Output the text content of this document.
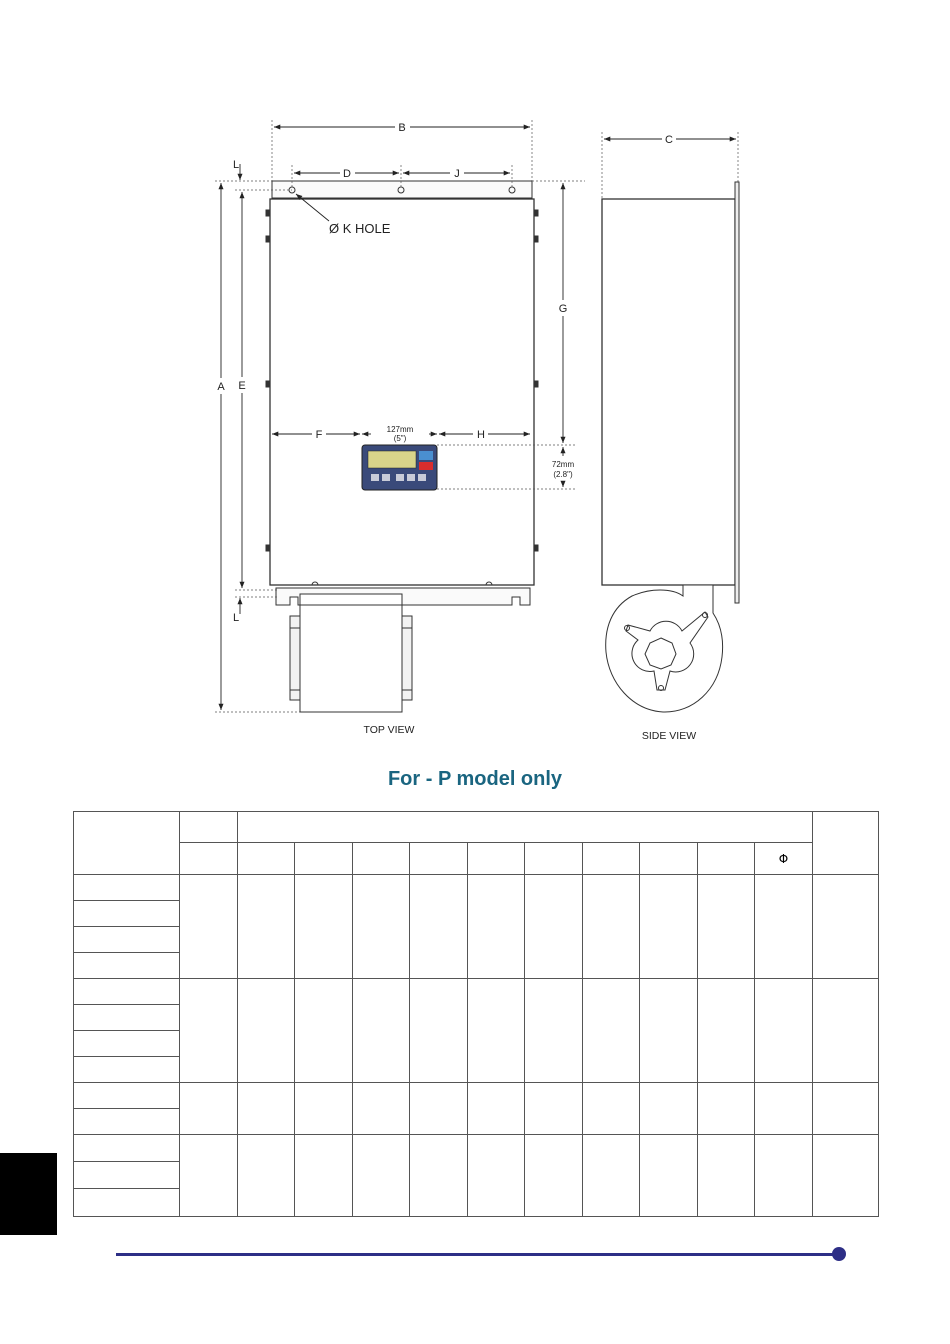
B
C
D	J
L
L
A E
G
F	H
Ø K HOLE
127mm
(5")
72mm
(2.8")
TOP VIEW	SIDE VIEW
For - P model only

											Φ	
